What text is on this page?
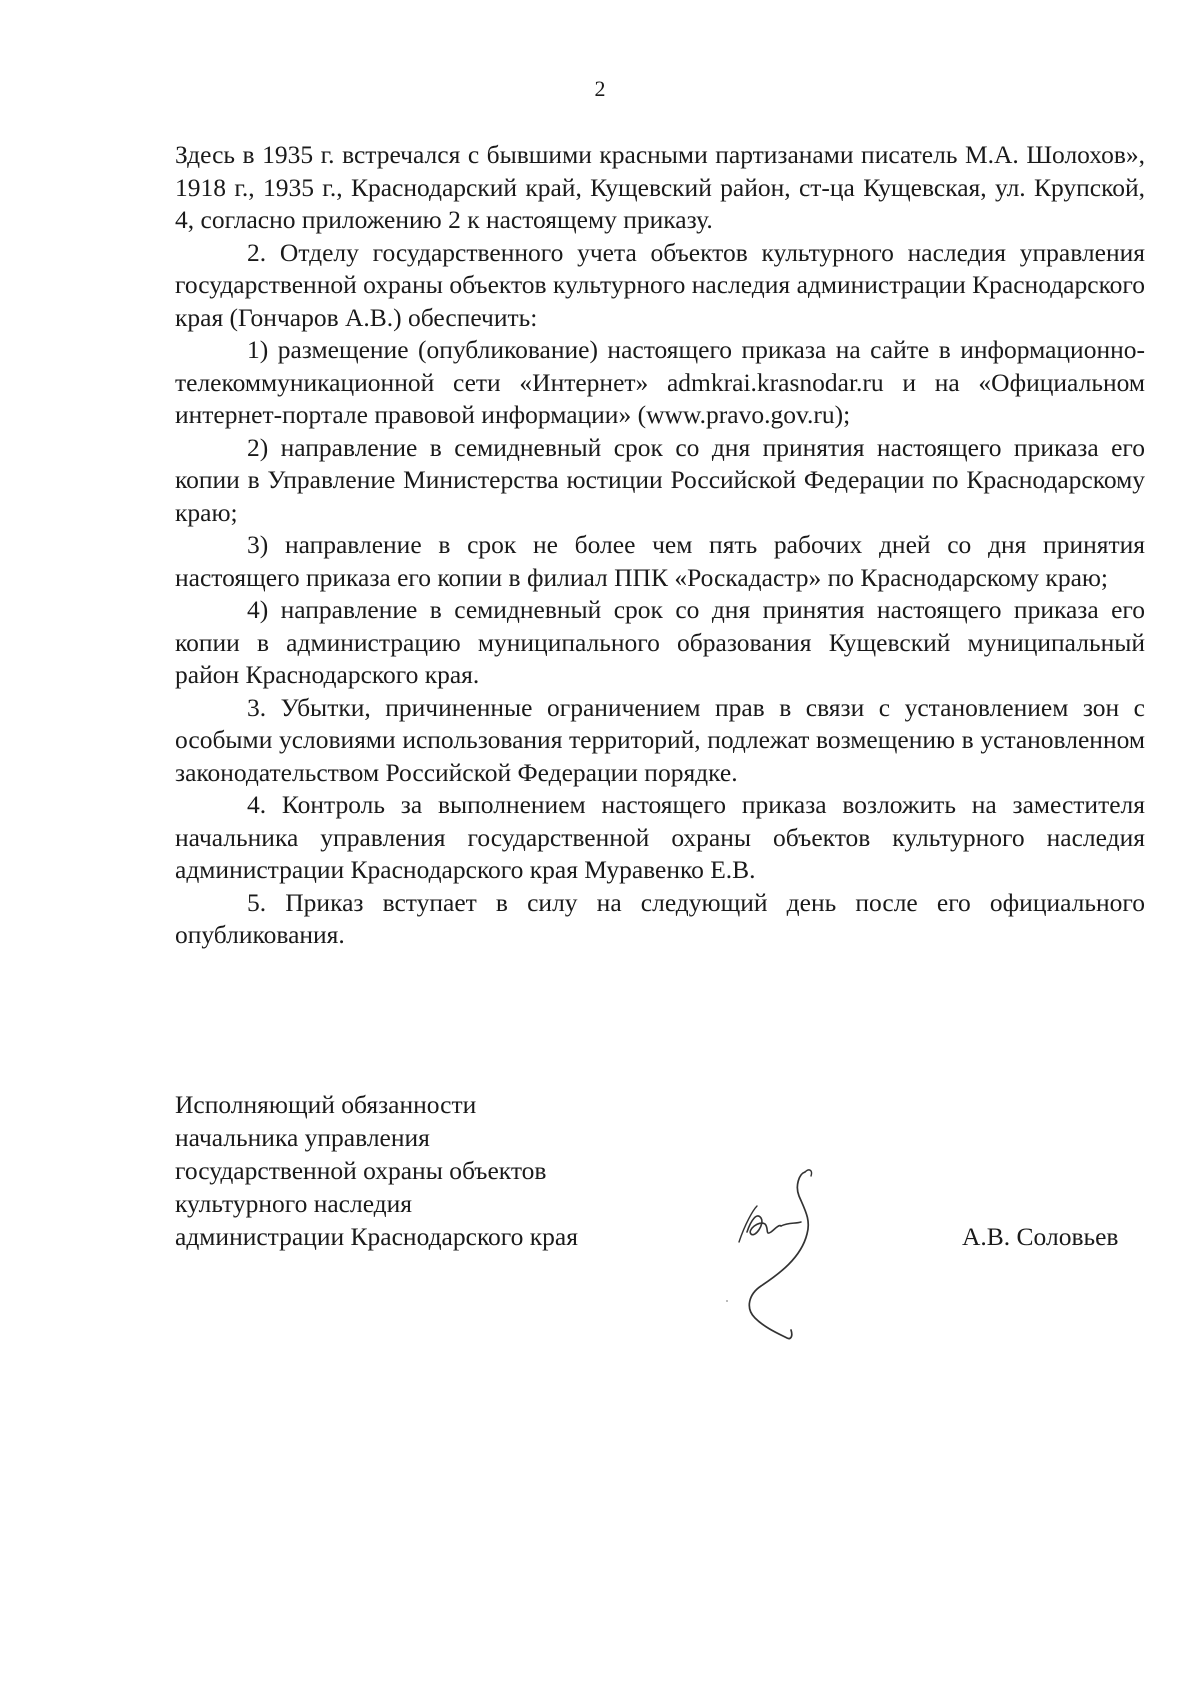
2

Здесь в 1935 г. встречался с бывшими красными партизанами писатель М.А. Шолохов», 1918 г., 1935 г., Краснодарский край, Кущевский район, ст-ца Кущевская, ул. Крупской, 4, согласно приложению 2 к настоящему приказу.

2. Отделу государственного учета объектов культурного наследия управления государственной охраны объектов культурного наследия администрации Краснодарского края (Гончаров А.В.) обеспечить:

1) размещение (опубликование) настоящего приказа на сайте в информационно-телекоммуникационной сети «Интернет» admkrai.krasnodar.ru и на «Официальном интернет-портале правовой информации» (www.pravo.gov.ru);

2) направление в семидневный срок со дня принятия настоящего приказа его копии в Управление Министерства юстиции Российской Федерации по Краснодарскому краю;

3) направление в срок не более чем пять рабочих дней со дня принятия настоящего приказа его копии в филиал ППК «Роскадастр» по Краснодарскому краю;

4) направление в семидневный срок со дня принятия настоящего приказа его копии в администрацию муниципального образования Кущевский муниципальный район Краснодарского края.

3. Убытки, причиненные ограничением прав в связи с установлением зон с особыми условиями использования территорий, подлежат возмещению в установленном законодательством Российской Федерации порядке.

4. Контроль за выполнением настоящего приказа возложить на заместителя начальника управления государственной охраны объектов культурного наследия администрации Краснодарского края Муравенко Е.В.

5. Приказ вступает в силу на следующий день после его официального опубликования.

Исполняющий обязанности
начальника управления
государственной охраны объектов
культурного наследия
администрации Краснодарского края	А.В. Соловьев
